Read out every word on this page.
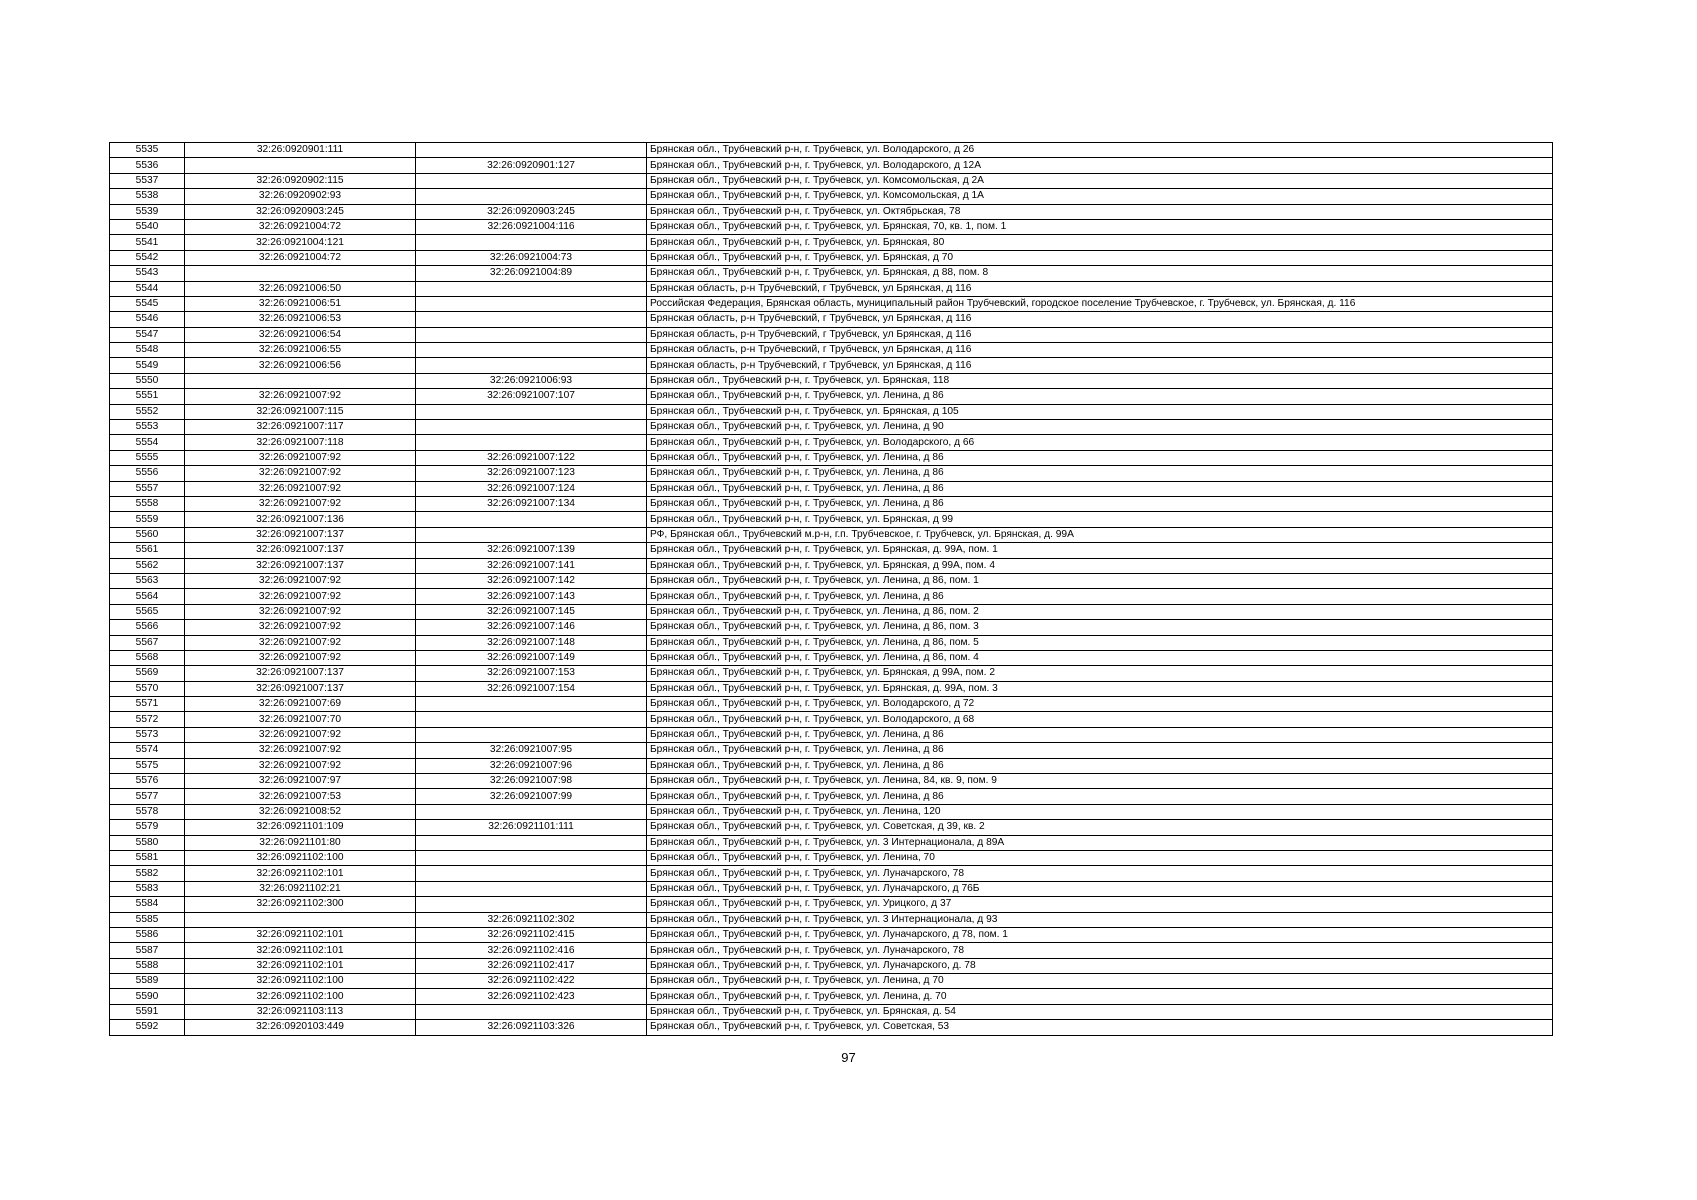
5535	32:26:0920901:111		Брянская обл., Трубчевский р-н, г. Трубчевск, ул. Володарского, д 26
5536		32:26:0920901:127	Брянская обл., Трубчевский р-н, г. Трубчевск, ул. Володарского, д 12А
5537	32:26:0920902:115		Брянская обл., Трубчевский р-н, г. Трубчевск, ул. Комсомольская, д 2А
5538	32:26:0920902:93		Брянская обл., Трубчевский р-н, г. Трубчевск, ул. Комсомольская, д 1А
5539	32:26:0920903:245	32:26:0920903:245	Брянская обл., Трубчевский р-н, г. Трубчевск, ул. Октябрьская, 78
5540	32:26:0921004:72	32:26:0921004:116	Брянская обл., Трубчевский р-н, г. Трубчевск, ул. Брянская, 70, кв. 1, пом. 1
5541	32:26:0921004:121		Брянская обл., Трубчевский р-н, г. Трубчевск, ул. Брянская, 80
5542	32:26:0921004:72	32:26:0921004:73	Брянская обл., Трубчевский р-н, г. Трубчевск, ул. Брянская, д 70
5543		32:26:0921004:89	Брянская обл., Трубчевский р-н, г. Трубчевск, ул. Брянская, д 88, пом. 8
5544	32:26:0921006:50		Брянская область, р-н Трубчевский, г Трубчевск, ул Брянская, д 116
5545	32:26:0921006:51		Российская Федерация, Брянская область, муниципальный район Трубчевский, городское поселение Трубчевское, г. Трубчевск, ул. Брянская, д. 116
5546	32:26:0921006:53		Брянская область, р-н Трубчевский, г Трубчевск, ул Брянская, д 116
5547	32:26:0921006:54		Брянская область, р-н Трубчевский, г Трубчевск, ул Брянская, д 116
5548	32:26:0921006:55		Брянская область, р-н Трубчевский, г Трубчевск, ул Брянская, д 116
5549	32:26:0921006:56		Брянская область, р-н Трубчевский, г Трубчевск, ул Брянская, д 116
5550		32:26:0921006:93	Брянская обл., Трубчевский р-н, г. Трубчевск, ул. Брянская, 118
5551	32:26:0921007:92	32:26:0921007:107	Брянская обл., Трубчевский р-н, г. Трубчевск, ул. Ленина, д 86
5552	32:26:0921007:115		Брянская обл., Трубчевский р-н, г. Трубчевск, ул. Брянская, д 105
5553	32:26:0921007:117		Брянская обл., Трубчевский р-н, г. Трубчевск, ул. Ленина, д 90
5554	32:26:0921007:118		Брянская обл., Трубчевский р-н, г. Трубчевск, ул. Володарского, д 66
5555	32:26:0921007:92	32:26:0921007:122	Брянская обл., Трубчевский р-н, г. Трубчевск, ул. Ленина, д 86
5556	32:26:0921007:92	32:26:0921007:123	Брянская обл., Трубчевский р-н, г. Трубчевск, ул. Ленина, д 86
5557	32:26:0921007:92	32:26:0921007:124	Брянская обл., Трубчевский р-н, г. Трубчевск, ул. Ленина, д 86
5558	32:26:0921007:92	32:26:0921007:134	Брянская обл., Трубчевский р-н, г. Трубчевск, ул. Ленина, д 86
5559	32:26:0921007:136		Брянская обл., Трубчевский р-н, г. Трубчевск, ул. Брянская, д 99
5560	32:26:0921007:137		РФ, Брянская обл., Трубчевский м.р-н, г.п. Трубчевское, г. Трубчевск, ул. Брянская, д. 99А
5561	32:26:0921007:137	32:26:0921007:139	Брянская обл., Трубчевский р-н, г. Трубчевск, ул. Брянская, д. 99А, пом. 1
5562	32:26:0921007:137	32:26:0921007:141	Брянская обл., Трубчевский р-н, г. Трубчевск, ул. Брянская, д 99А, пом. 4
5563	32:26:0921007:92	32:26:0921007:142	Брянская обл., Трубчевский р-н, г. Трубчевск, ул. Ленина, д 86, пом. 1
5564	32:26:0921007:92	32:26:0921007:143	Брянская обл., Трубчевский р-н, г. Трубчевск, ул. Ленина, д 86
5565	32:26:0921007:92	32:26:0921007:145	Брянская обл., Трубчевский р-н, г. Трубчевск, ул. Ленина, д 86, пом. 2
5566	32:26:0921007:92	32:26:0921007:146	Брянская обл., Трубчевский р-н, г. Трубчевск, ул. Ленина, д 86, пом. 3
5567	32:26:0921007:92	32:26:0921007:148	Брянская обл., Трубчевский р-н, г. Трубчевск, ул. Ленина, д 86, пом. 5
5568	32:26:0921007:92	32:26:0921007:149	Брянская обл., Трубчевский р-н, г. Трубчевск, ул. Ленина, д 86, пом. 4
5569	32:26:0921007:137	32:26:0921007:153	Брянская обл., Трубчевский р-н, г. Трубчевск, ул. Брянская, д 99А, пом. 2
5570	32:26:0921007:137	32:26:0921007:154	Брянская обл., Трубчевский р-н, г. Трубчевск, ул. Брянская, д. 99А, пом. 3
5571	32:26:0921007:69		Брянская обл., Трубчевский р-н, г. Трубчевск, ул. Володарского, д 72
5572	32:26:0921007:70		Брянская обл., Трубчевский р-н, г. Трубчевск, ул. Володарского, д 68
5573	32:26:0921007:92		Брянская обл., Трубчевский р-н, г. Трубчевск, ул. Ленина, д 86
5574	32:26:0921007:92	32:26:0921007:95	Брянская обл., Трубчевский р-н, г. Трубчевск, ул. Ленина, д 86
5575	32:26:0921007:92	32:26:0921007:96	Брянская обл., Трубчевский р-н, г. Трубчевск, ул. Ленина, д 86
5576	32:26:0921007:97	32:26:0921007:98	Брянская обл., Трубчевский р-н, г. Трубчевск, ул. Ленина, 84, кв. 9, пом. 9
5577	32:26:0921007:53	32:26:0921007:99	Брянская обл., Трубчевский р-н, г. Трубчевск, ул. Ленина, д 86
5578	32:26:0921008:52		Брянская обл., Трубчевский р-н, г. Трубчевск, ул. Ленина, 120
5579	32:26:0921101:109	32:26:0921101:111	Брянская обл., Трубчевский р-н, г. Трубчевск, ул. Советская, д 39, кв. 2
5580	32:26:0921101:80		Брянская обл., Трубчевский р-н, г. Трубчевск, ул. 3 Интернационала, д 89А
5581	32:26:0921102:100		Брянская обл., Трубчевский р-н, г. Трубчевск, ул. Ленина, 70
5582	32:26:0921102:101		Брянская обл., Трубчевский р-н, г. Трубчевск, ул. Луначарского, 78
5583	32:26:0921102:21		Брянская обл., Трубчевский р-н, г. Трубчевск, ул. Луначарского, д 76Б
5584	32:26:0921102:300		Брянская обл., Трубчевский р-н, г. Трубчевск, ул. Урицкого, д 37
5585		32:26:0921102:302	Брянская обл., Трубчевский р-н, г. Трубчевск, ул. 3 Интернационала, д 93
5586	32:26:0921102:101	32:26:0921102:415	Брянская обл., Трубчевский р-н, г. Трубчевск, ул. Луначарского, д 78, пом. 1
5587	32:26:0921102:101	32:26:0921102:416	Брянская обл., Трубчевский р-н, г. Трубчевск, ул. Луначарского, 78
5588	32:26:0921102:101	32:26:0921102:417	Брянская обл., Трубчевский р-н, г. Трубчевск, ул. Луначарского, д. 78
5589	32:26:0921102:100	32:26:0921102:422	Брянская обл., Трубчевский р-н, г. Трубчевск, ул. Ленина, д 70
5590	32:26:0921102:100	32:26:0921102:423	Брянская обл., Трубчевский р-н, г. Трубчевск, ул. Ленина, д. 70
5591	32:26:0921103:113		Брянская обл., Трубчевский р-н, г. Трубчевск, ул. Брянская, д. 54
5592	32:26:0920103:449	32:26:0921103:326	Брянская обл., Трубчевский р-н, г. Трубчевск, ул. Советская, 53
97
